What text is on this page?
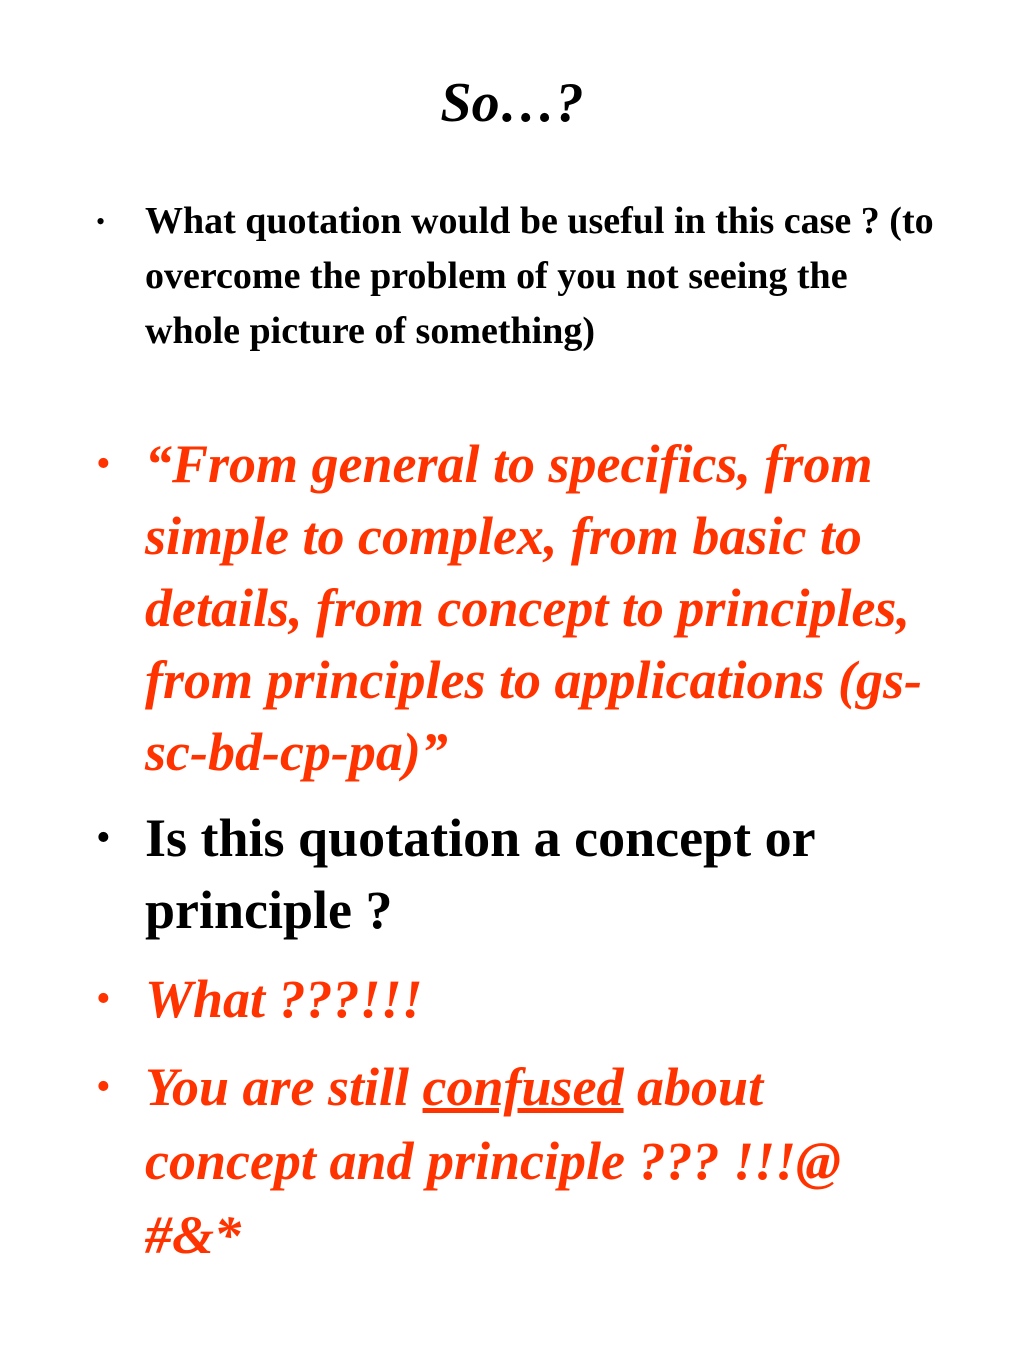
So…?
• What quotation would be useful in this case ? (to overcome the problem of you not seeing the whole picture of something)
• “From general to specifics, from simple to complex, from basic to details, from concept to principles, from principles to applications (gs-sc-bd-cp-pa)”
• Is this quotation a concept or principle ?
• What ???!!!
• You are still confused about concept and principle ??? !!!@ #&*
